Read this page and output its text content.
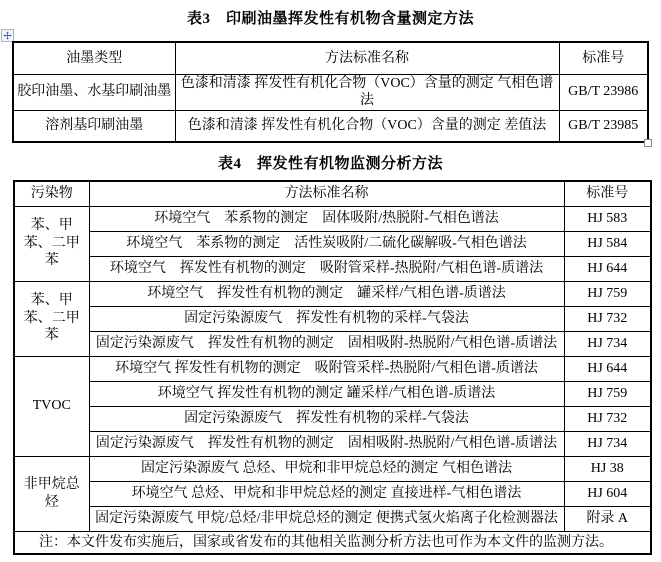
表3　印刷油墨挥发性有机物含量测定方法
油墨类型	方法标准名称	标准号
胶印油墨、水基印刷油墨	色漆和清漆 挥发性有机化合物（VOC）含量的测定 气相色谱法	GB/T 23986
溶剂基印刷油墨	色漆和清漆 挥发性有机化合物（VOC）含量的测定 差值法	GB/T 23985
表4　挥发性有机物监测分析方法
污染物	方法标准名称	标准号
苯、甲苯、二甲苯	环境空气　苯系物的测定　固体吸附/热脱附-气相色谱法	HJ 583
	环境空气　苯系物的测定　活性炭吸附/二硫化碳解吸-气相色谱法	HJ 584
	环境空气　挥发性有机物的测定　吸附管采样-热脱附/气相色谱-质谱法	HJ 644
苯、甲苯、二甲苯	环境空气　挥发性有机物的测定　罐采样/气相色谱-质谱法	HJ 759
	固定污染源废气　挥发性有机物的采样-气袋法	HJ 732
	固定污染源废气　挥发性有机物的测定　固相吸附-热脱附/气相色谱-质谱法	HJ 734
TVOC	环境空气 挥发性有机物的测定　吸附管采样-热脱附/气相色谱-质谱法	HJ 644
	环境空气 挥发性有机物的测定 罐采样/气相色谱-质谱法	HJ 759
	固定污染源废气　挥发性有机物的采样-气袋法	HJ 732
	固定污染源废气　挥发性有机物的测定　固相吸附-热脱附/气相色谱-质谱法	HJ 734
非甲烷总烃	固定污染源废气 总烃、甲烷和非甲烷总烃的测定 气相色谱法	HJ 38
	环境空气 总烃、甲烷和非甲烷总烃的测定 直接进样-气相色谱法	HJ 604
	固定污染源废气 甲烷/总烃/非甲烷总烃的测定 便携式氢火焰离子化检测器法	附录 A
注：本文件发布实施后，国家或省发布的其他相关监测分析方法也可作为本文件的监测方法。		
